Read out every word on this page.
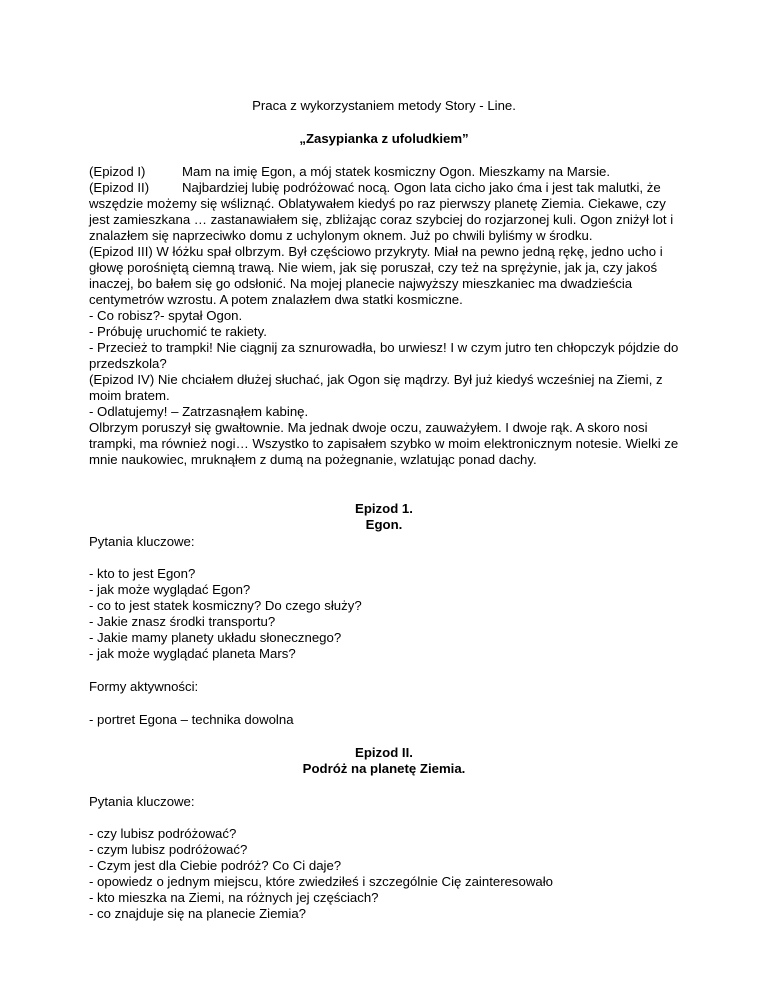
Praca z wykorzystaniem metody Story - Line.
„Zasypianka z ufoludkiem”
(Epizod I)	Mam na imię Egon, a mój statek kosmiczny Ogon. Mieszkamy na Marsie.
(Epizod II) Najbardziej lubię podróżować nocą. Ogon lata cicho jako ćma i jest tak malutki, że
wszędzie możemy się wśliznąć. Oblatywałem kiedyś po raz pierwszy planetę Ziemia. Ciekawe, czy
jest zamieszkana … zastanawiałem się, zbliżając coraz szybciej do rozjarzonej kuli. Ogon zniżył lot i
znalazłem się naprzeciwko domu z uchylonym oknem. Już po chwili byliśmy w środku.
(Epizod III) W łóżku spał olbrzym. Był częściowo przykryty. Miał na pewno jedną rękę, jedno ucho i
głowę porośniętą ciemną trawą. Nie wiem, jak się poruszał, czy też na sprężynie, jak ja, czy jakoś
inaczej, bo bałem się go odsłonić. Na mojej planecie najwyższy mieszkaniec ma dwadzieścia
centymetrów wzrostu. A potem znalazłem dwa statki kosmiczne.
- Co robisz?- spytał Ogon.
- Próbuję uruchomić te rakiety.
- Przecież to trampki! Nie ciągnij za sznurowadła, bo urwiesz! I w czym jutro ten chłopczyk pójdzie do
przedszkola?
(Epizod IV) Nie chciałem dłużej słuchać, jak Ogon się mądrzy. Był już kiedyś wcześniej na Ziemi, z
moim bratem.
- Odlatujemy! – Zatrzasnąłem kabinę.
Olbrzym poruszył się gwałtownie. Ma jednak dwoje oczu, zauważyłem. I dwoje rąk. A skoro nosi
trampki, ma również nogi… Wszystko to zapisałem szybko w moim elektronicznym notesie. Wielki ze
mnie naukowiec, mruknąłem z dumą na pożegnanie, wzlatując ponad dachy.
Epizod 1.
Egon.
Pytania kluczowe:
- kto to jest Egon?
- jak może wyglądać Egon?
- co to jest statek kosmiczny? Do czego służy?
- Jakie znasz środki transportu?
- Jakie mamy planety układu słonecznego?
- jak może wyglądać planeta Mars?
Formy aktywności:
- portret Egona – technika dowolna
Epizod II.
Podróż na planetę Ziemia.
Pytania kluczowe:
- czy lubisz podróżować?
- czym lubisz podróżować?
- Czym jest dla Ciebie podróż? Co Ci daje?
- opowiedz o jednym miejscu, które zwiedziłeś i szczególnie Cię zainteresowało
- kto mieszka na Ziemi, na różnych jej częściach?
- co znajduje się na planecie Ziemia?
